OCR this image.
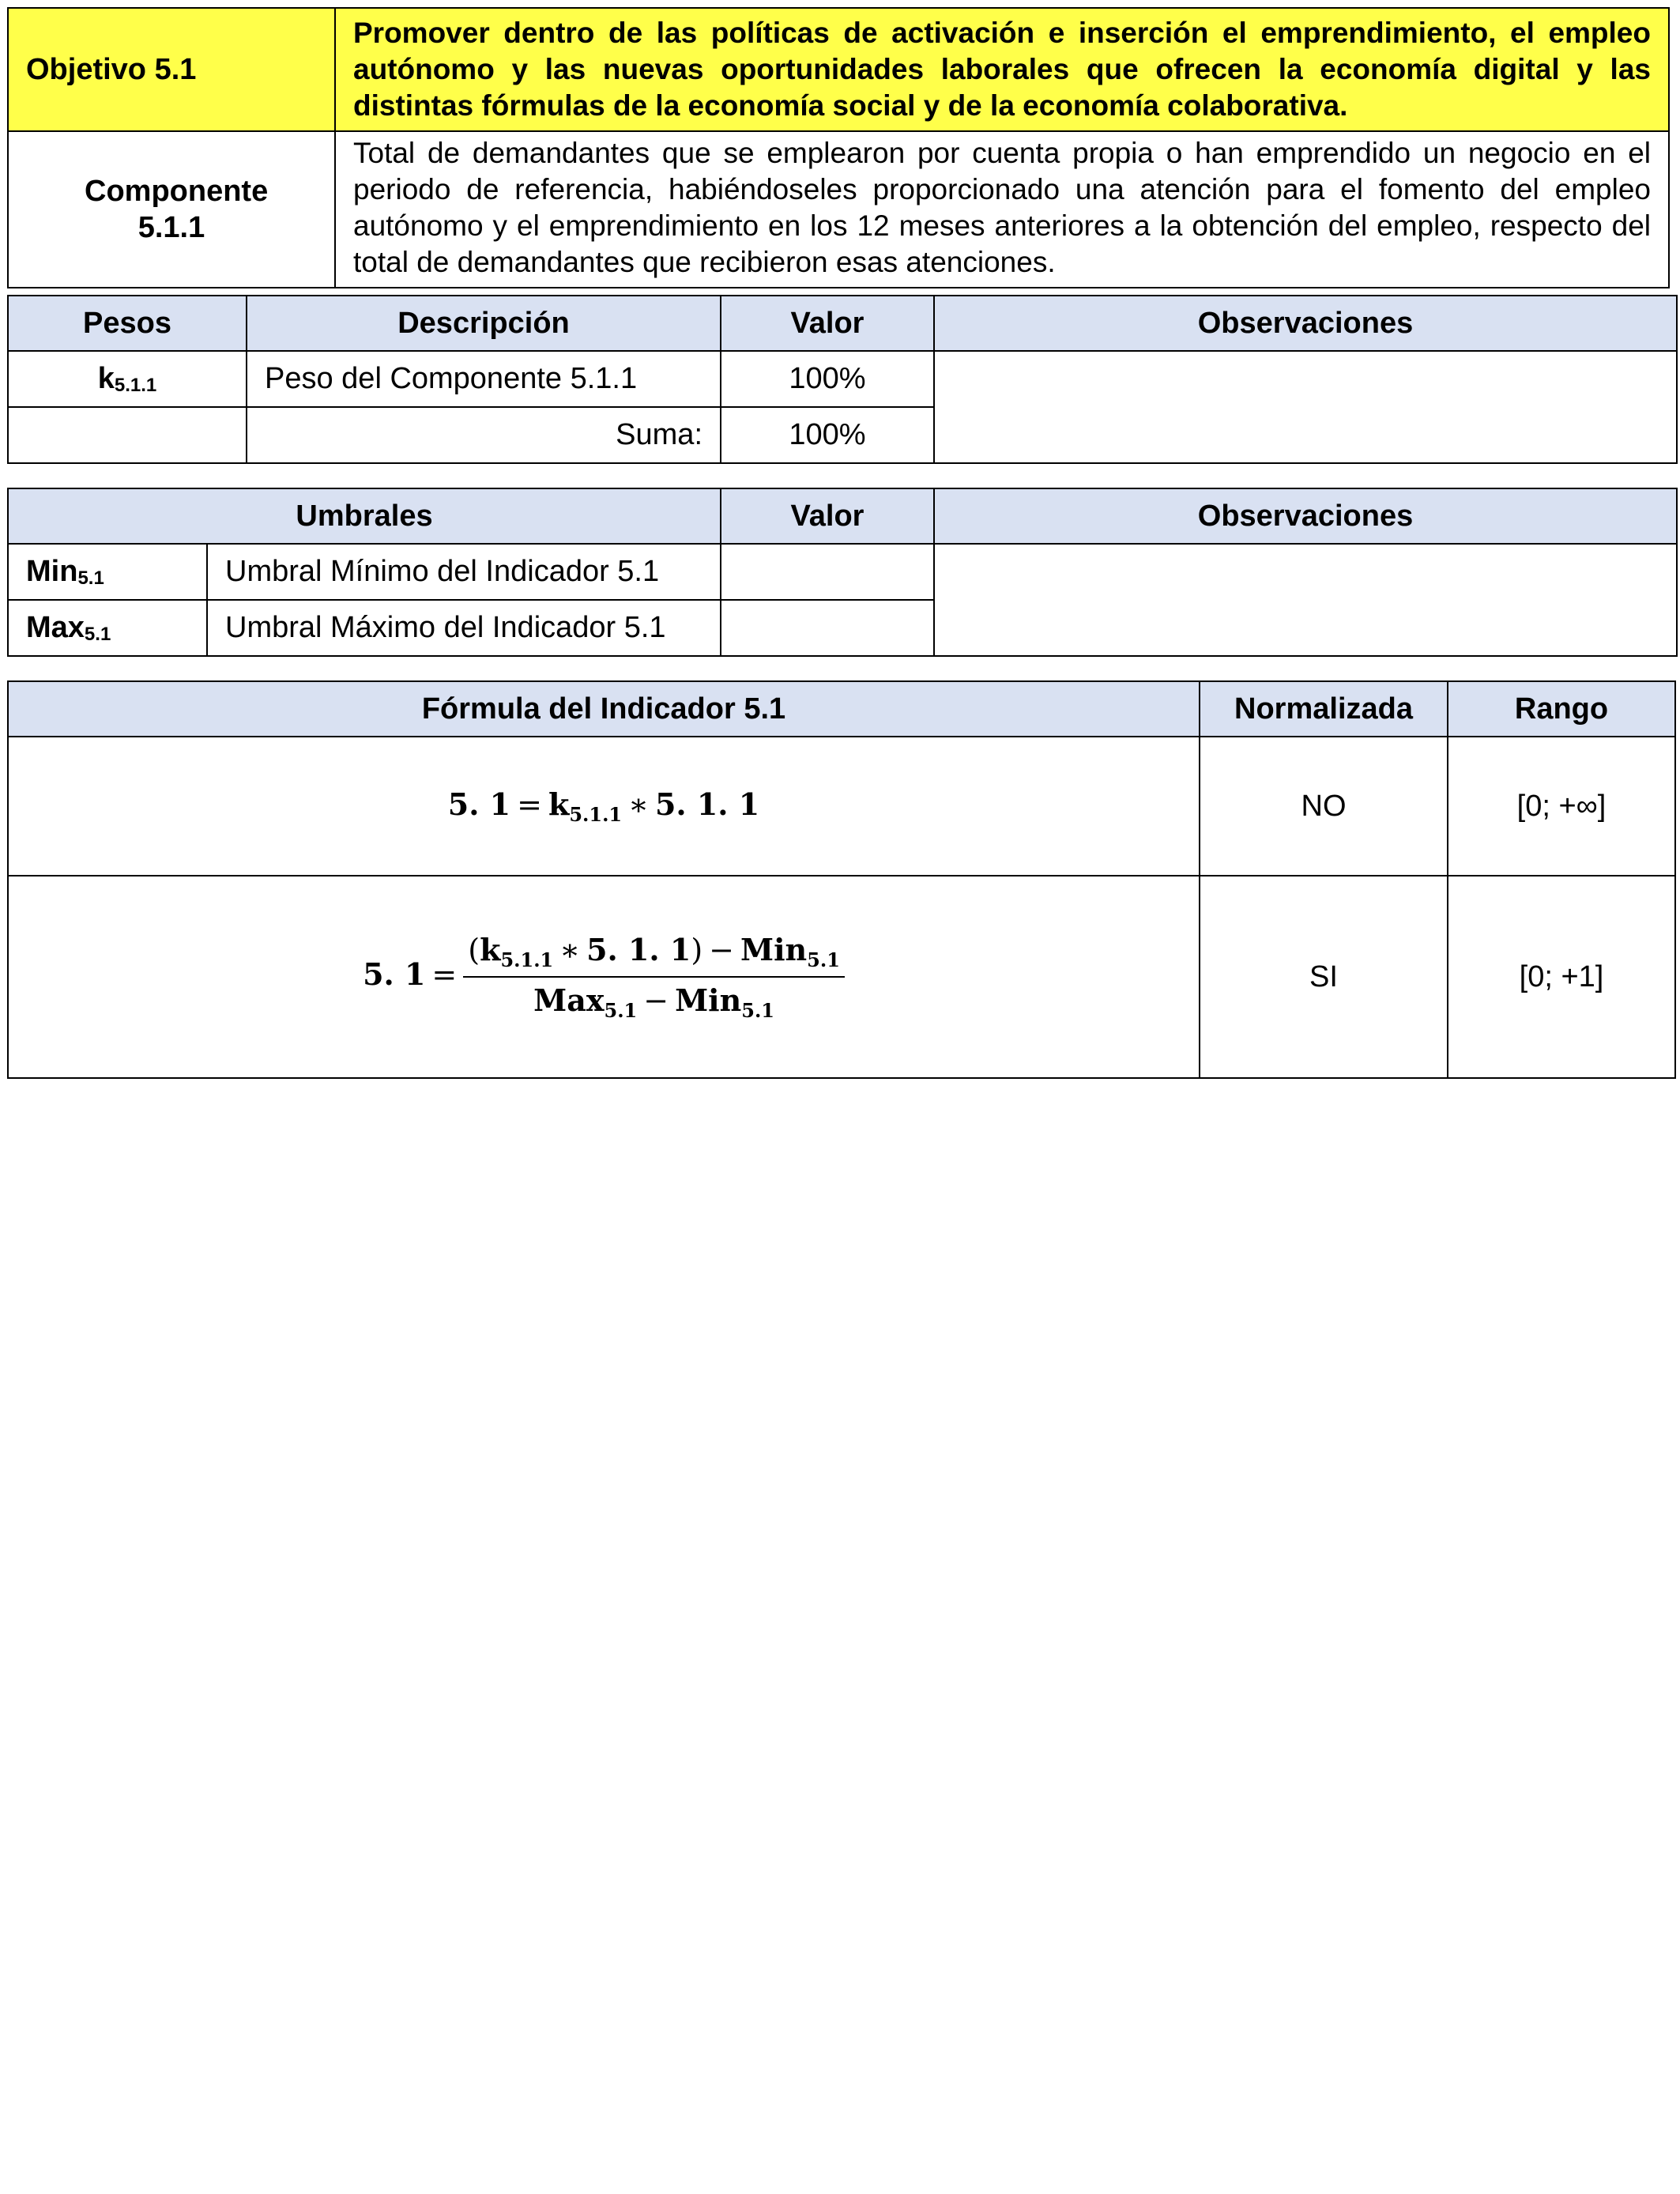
Objetivo 5.1	Promover dentro de las políticas de activación e inserción el emprendimiento, el empleo autónomo y las nuevas oportunidades laborales que ofrecen la economía digital y las distintas fórmulas de la economía social y de la economía colaborativa.

Componente 5.1.1	Total de demandantes que se emplearon por cuenta propia o han emprendido un negocio en el periodo de referencia, habiéndoseles proporcionado una atención para el fomento del empleo autónomo y el emprendimiento en los 12 meses anteriores a la obtención del empleo, respecto del total de demandantes que recibieron esas atenciones.
Pesos	Descripción	Valor	Observaciones
$k_{5.1.1}$	Peso del Componente 5.1.1	100%	
	Suma:	100%	
Umbrales		Valor	Observaciones
Min$_{5.1}$	Umbral Mínimo del Indicador 5.1		
Max$_{5.1}$	Umbral Máximo del Indicador 5.1		
Fórmula del Indicador 5.1	Normalizada	Rango
5. $1 = k_{5.1.1}$ ∗ 5. 1. 1	NO	[0; +∞]
5. $1 = \frac{(k_{5.1.1} ∗ 5. 1. 1) - Min_{5.1}}{Max_{5.1} - Min_{5.1}}$	SI	[0; +1]
